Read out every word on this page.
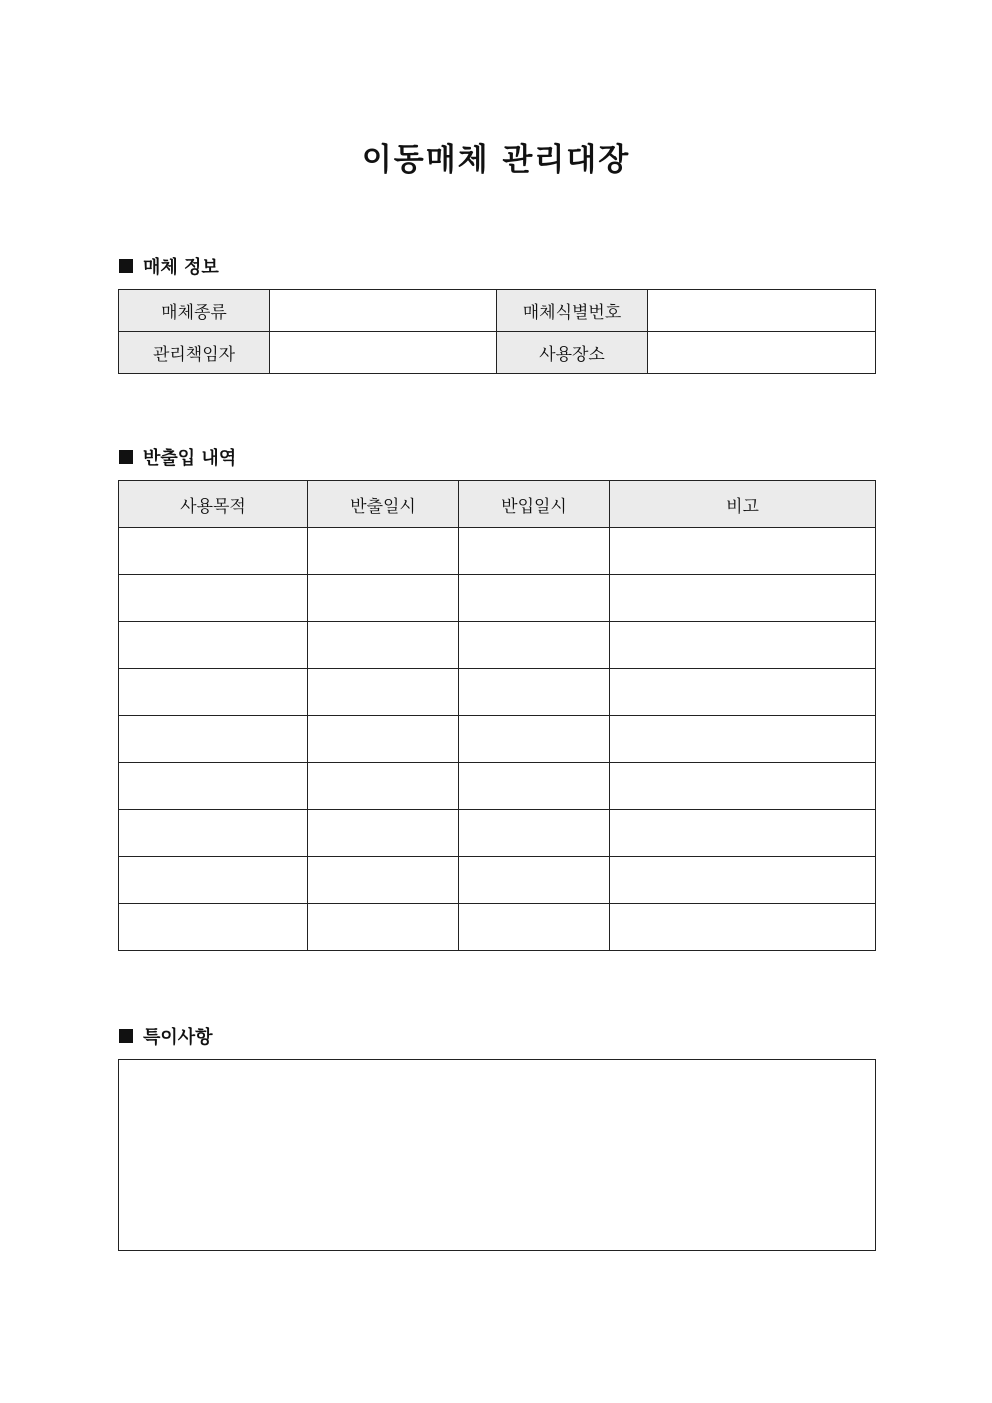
이동매체 관리대장
매체 정보
매체종류		매체식별번호	
관리책임자		사용장소	
반출입 내역
사용목적	반출일시	반입일시	비고

특이사항
